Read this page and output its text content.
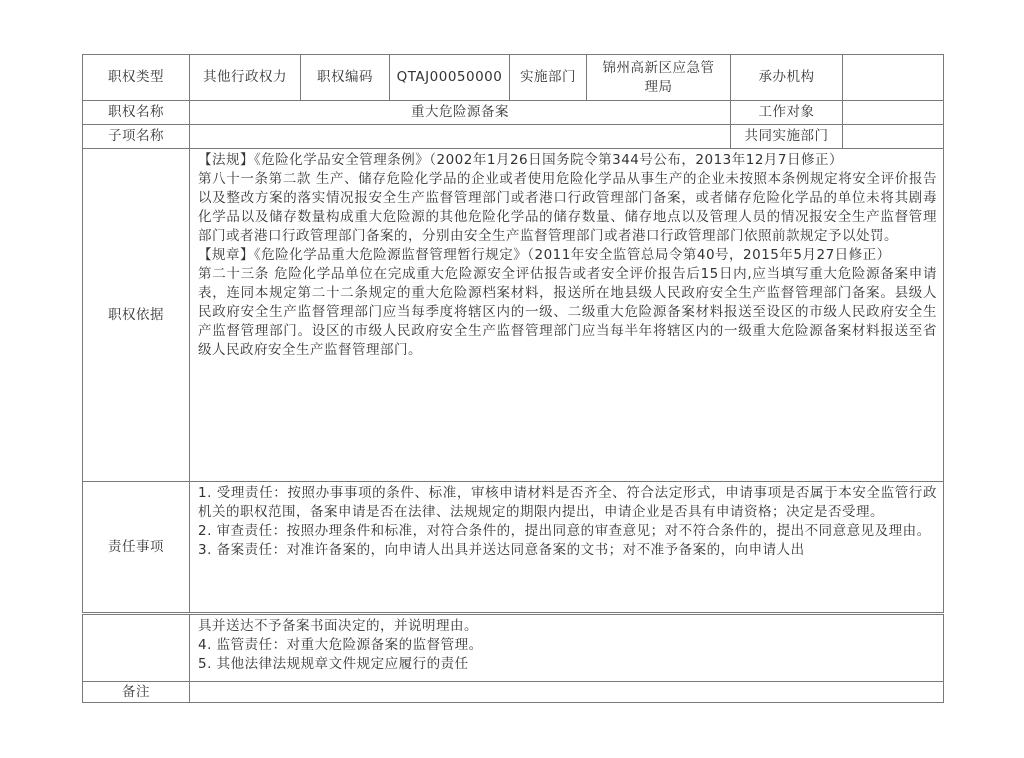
职权类型	其他行政权力	职权编码	QTAJ00050000	实施部门	锦州高新区应急管理局	承办机构	
职权名称	重大危险源备案					工作对象	
子项名称						共同实施部门	
职权依据	【法规】《危险化学品安全管理条例》（2002年1月26日国务院令第344号公布，2013年12月7日修正）

第八十一条第二款 生产、储存危险化学品的企业或者使用危险化学品从事生产的企业未按照本条例规定将安全评价报告以及整改方案的落实情况报安全生产监督管理部门或者港口行政管理部门备案，或者储存危险化学品的单位未将其剧毒化学品以及储存数量构成重大危险源的其他危险化学品的储存数量、储存地点以及管理人员的情况报安全生产监督管理部门或者港口行政管理部门备案的，分别由安全生产监督管理部门或者港口行政管理部门依照前款规定予以处罚。

【规章】《危险化学品重大危险源监督管理暂行规定》（2011年安全监管总局令第40号，2015年5月27日修正）

第二十三条 危险化学品单位在完成重大危险源安全评估报告或者安全评价报告后15日内,应当填写重大危险源备案申请表，连同本规定第二十二条规定的重大危险源档案材料，报送所在地县级人民政府安全生产监督管理部门备案。县级人民政府安全生产监督管理部门应当每季度将辖区内的一级、二级重大危险源备案材料报送至设区的市级人民政府安全生产监督管理部门。设区的市级人民政府安全生产监督管理部门应当每半年将辖区内的一级重大危险源备案材料报送至省级人民政府安全生产监督管理部门。						

责任事项	1. 受理责任：按照办事事项的条件、标准，审核申请材料是否齐全、符合法定形式，申请事项是否属于本安全监管行政机关的职权范围，备案申请是否在法律、法规规定的期限内提出，申请企业是否具有申请资格；决定是否受理。

2. 审查责任：按照办理条件和标准，对符合条件的，提出同意的审查意见；对不符合条件的，提出不同意意见及理由。

3. 备案责任：对准许备案的，向申请人出具并送达同意备案的文书；对不准予备案的，向申请人出						

	具并送达不予备案书面决定的，并说明理由。

4. 监管责任：对重大危险源备案的监督管理。

5. 其他法律法规规章文件规定应履行的责任

备注	
